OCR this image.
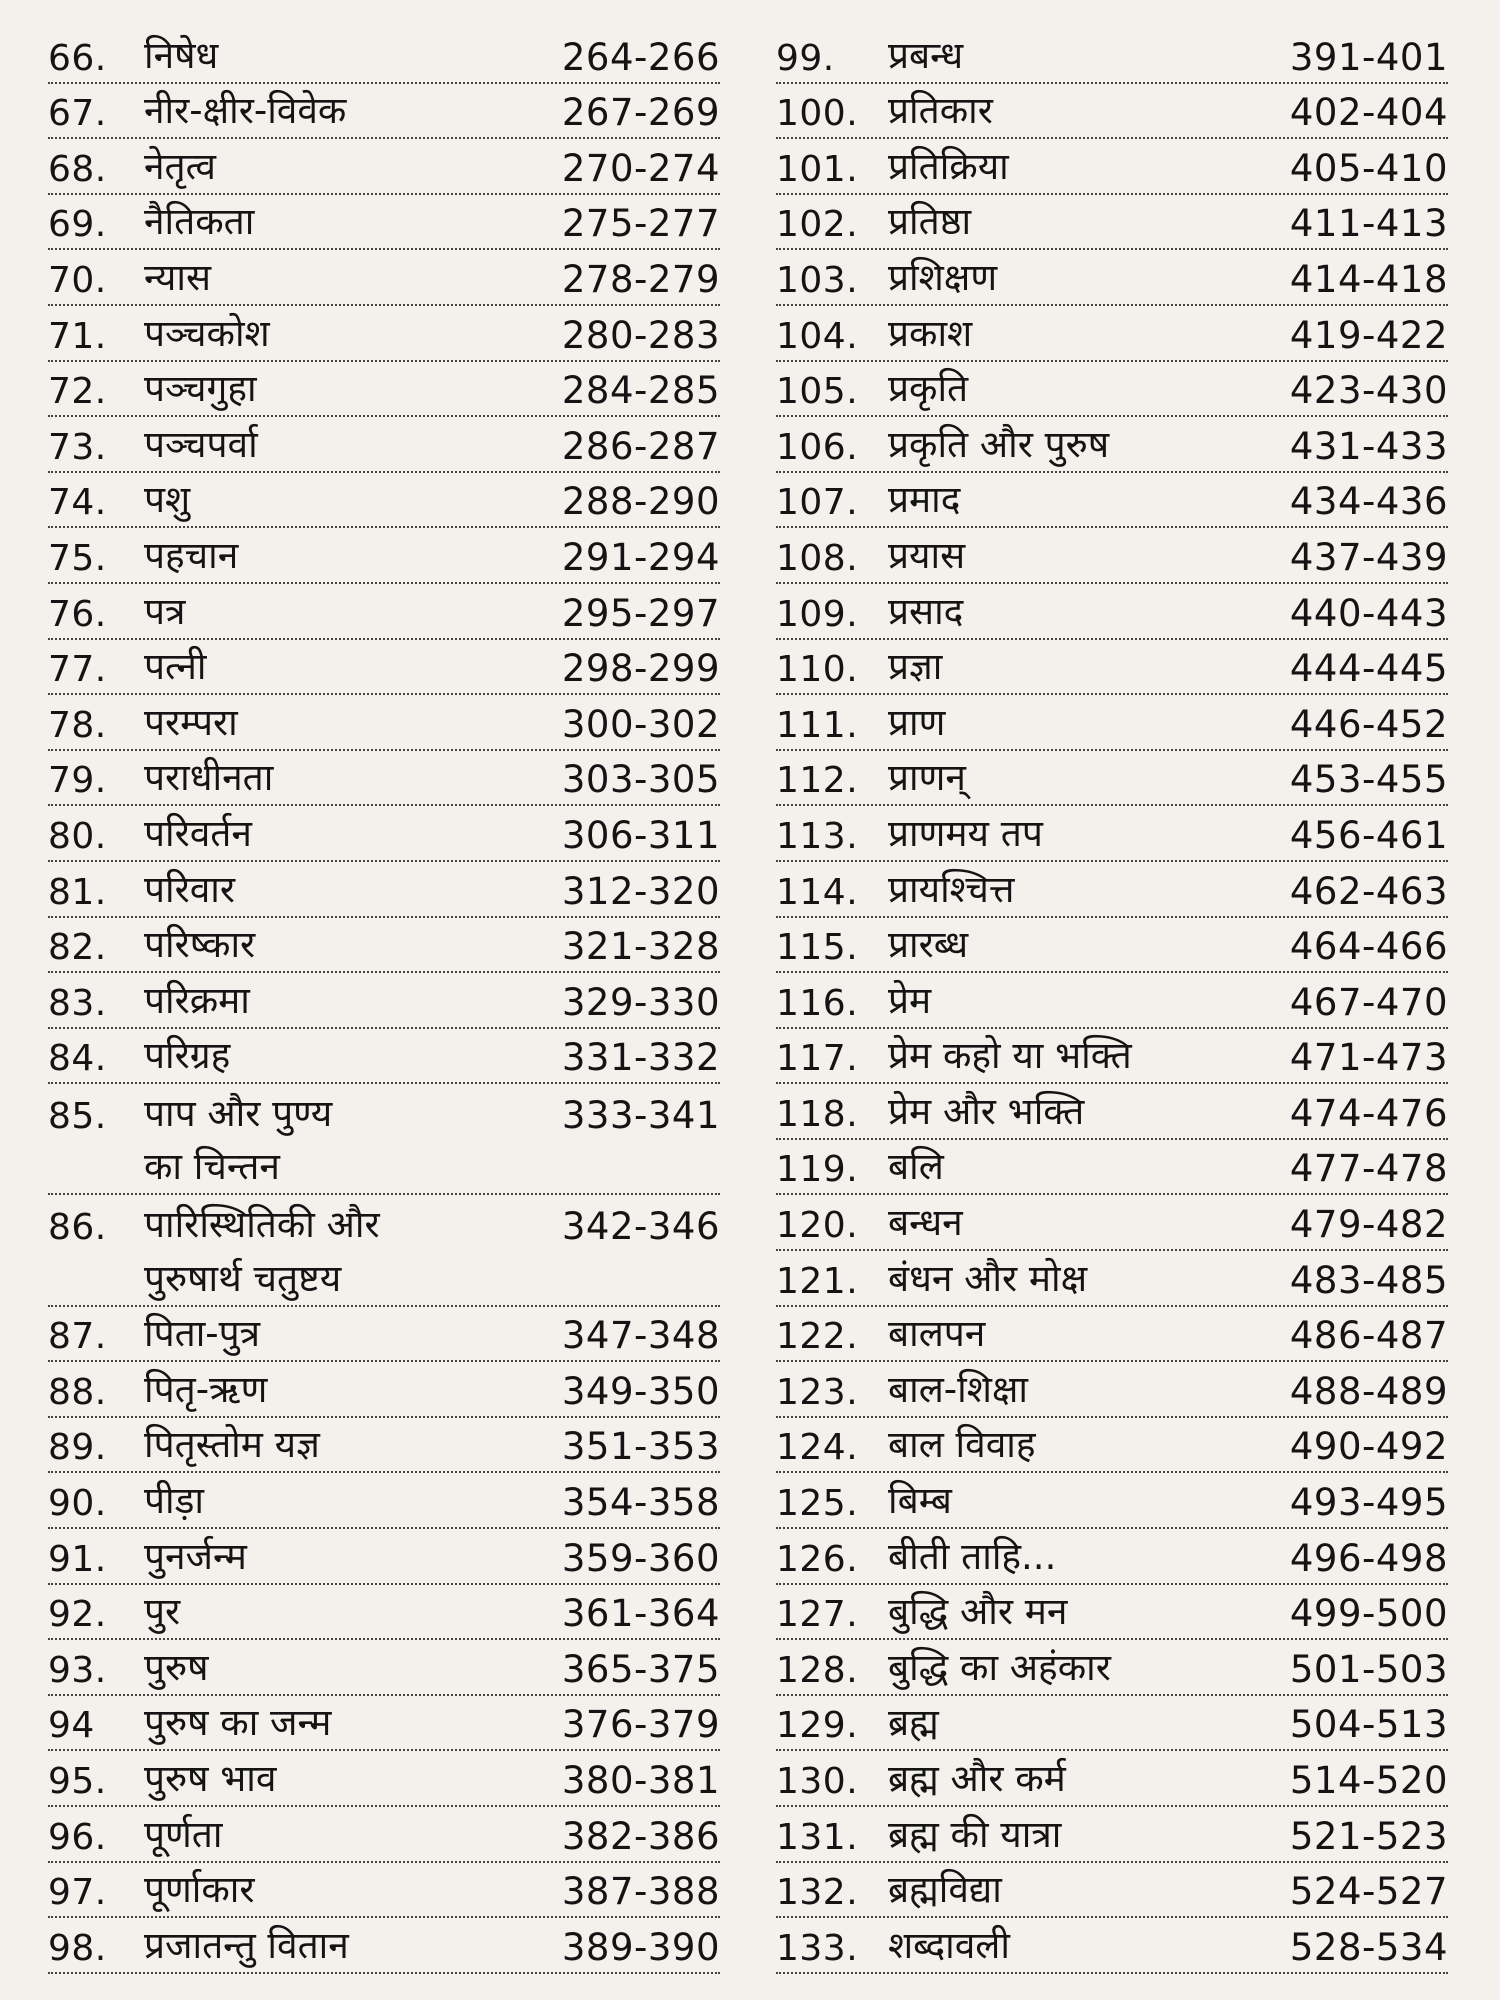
66.	निषेध	264-266
67.	नीर-क्षीर-विवेक	267-269
68.	नेतृत्व	270-274
69.	नैतिकता	275-277
70.	न्यास	278-279
71.	पञ्चकोश	280-283
72.	पञ्चगुहा	284-285
73.	पञ्चपर्वा	286-287
74.	पशु	288-290
75.	पहचान	291-294
76.	पत्र	295-297
77.	पत्नी	298-299
78.	परम्परा	300-302
79.	पराधीनता	303-305
80.	परिवर्तन	306-311
81.	परिवार	312-320
82.	परिष्कार	321-328
83.	परिक्रमा	329-330
84.	परिग्रह	331-332
85.	पाप और पुण्य	333-341
का चिन्तन
86.	पारिस्थितिकी और	342-346
पुरुषार्थ चतुष्टय
87.	पिता-पुत्र	347-348
88.	पितृ-ऋण	349-350
89.	पितृस्तोम यज्ञ	351-353
90.	पीड़ा	354-358
91.	पुनर्जन्म	359-360
92.	पुर	361-364
93.	पुरुष	365-375
94	पुरुष का जन्म	376-379
95.	पुरुष भाव	380-381
96.	पूर्णता	382-386
97.	पूर्णाकार	387-388
98.	प्रजातन्तु वितान	389-390
99.	प्रबन्ध	391-401
100. प्रतिकार	402-404
101. प्रतिक्रिया	405-410
102. प्रतिष्ठा	411-413
103. प्रशिक्षण	414-418
104. प्रकाश	419-422
105. प्रकृति	423-430
106. प्रकृति और पुरुष	431-433
107. प्रमाद	434-436
108. प्रयास	437-439
109. प्रसाद	440-443
110. प्रज्ञा	444-445
111. प्राण	446-452
112. प्राणन्	453-455
113. प्राणमय तप	456-461
114. प्रायश्चित्त	462-463
115. प्रारब्ध	464-466
116. प्रेम	467-470
117. प्रेम कहो या भक्ति	471-473
118. प्रेम और भक्ति	474-476
119. बलि	477-478
120. बन्धन	479-482
121. बंधन और मोक्ष	483-485
122. बालपन	486-487
123. बाल-शिक्षा	488-489
124. बाल विवाह	490-492
125. बिम्ब	493-495
126. बीती ताहि...	496-498
127. बुद्धि और मन	499-500
128. बुद्धि का अहंकार	501-503
129. ब्रह्म	504-513
130. ब्रह्म और कर्म	514-520
131. ब्रह्म की यात्रा	521-523
132. ब्रह्मविद्या	524-527
133. शब्दावली	528-534
